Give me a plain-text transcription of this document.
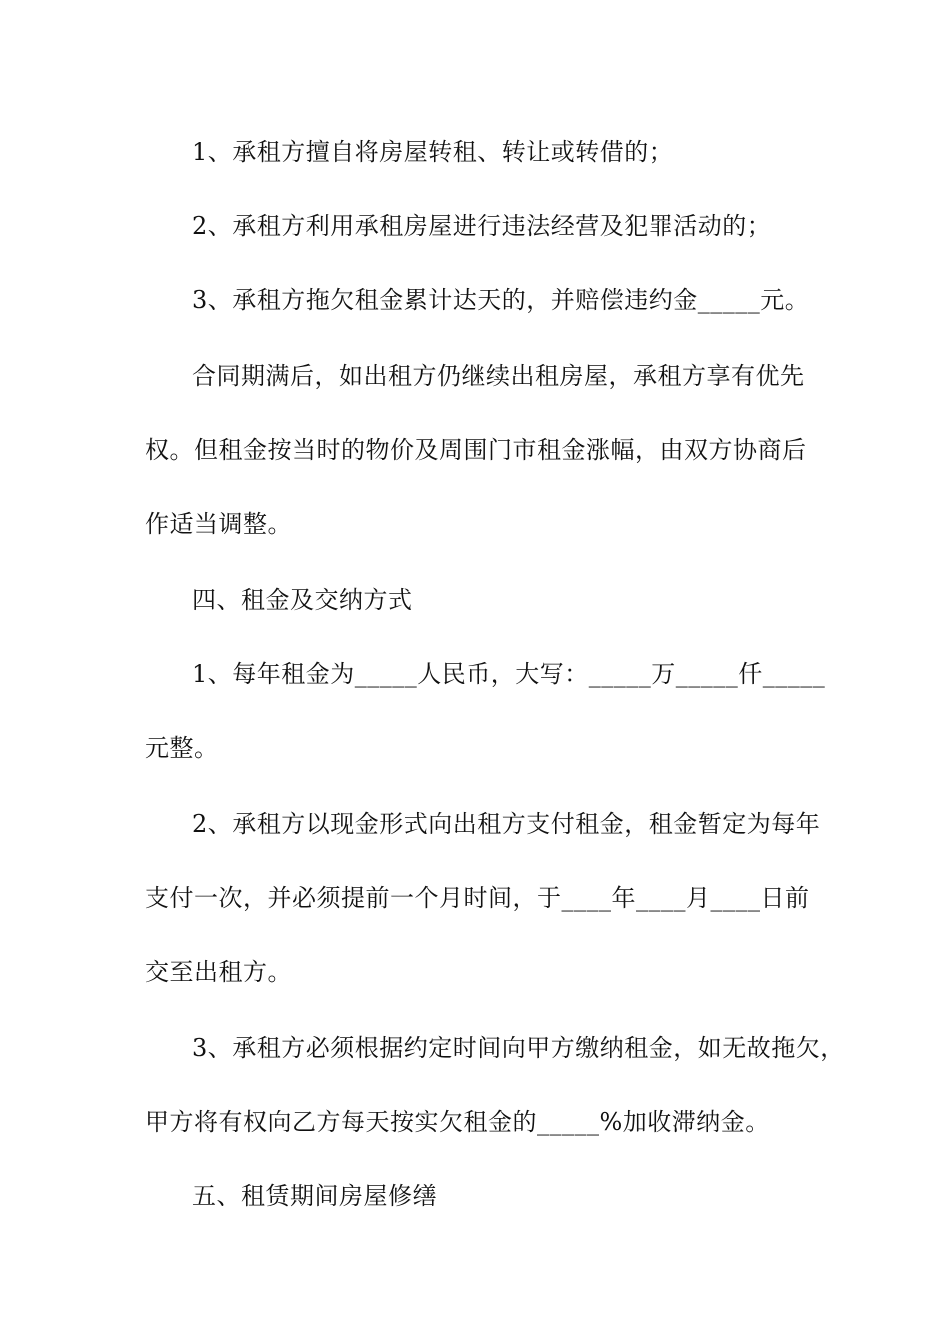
1、承租方擅自将房屋转租、转让或转借的；
2、承租方利用承租房屋进行违法经营及犯罪活动的；
3、承租方拖欠租金累计达天的，并赔偿违约金_____元。
合同期满后，如出租方仍继续出租房屋，承租方享有优先
权。但租金按当时的物价及周围门市租金涨幅，由双方协商后
作适当调整。
四、租金及交纳方式
1、每年租金为_____人民币，大写：_____万_____仟_____
元整。
2、承租方以现金形式向出租方支付租金，租金暂定为每年
支付一次，并必须提前一个月时间，于____年____月____日前
交至出租方。
3、承租方必须根据约定时间向甲方缴纳租金，如无故拖欠，
甲方将有权向乙方每天按实欠租金的_____%加收滞纳金。
五、租赁期间房屋修缮
